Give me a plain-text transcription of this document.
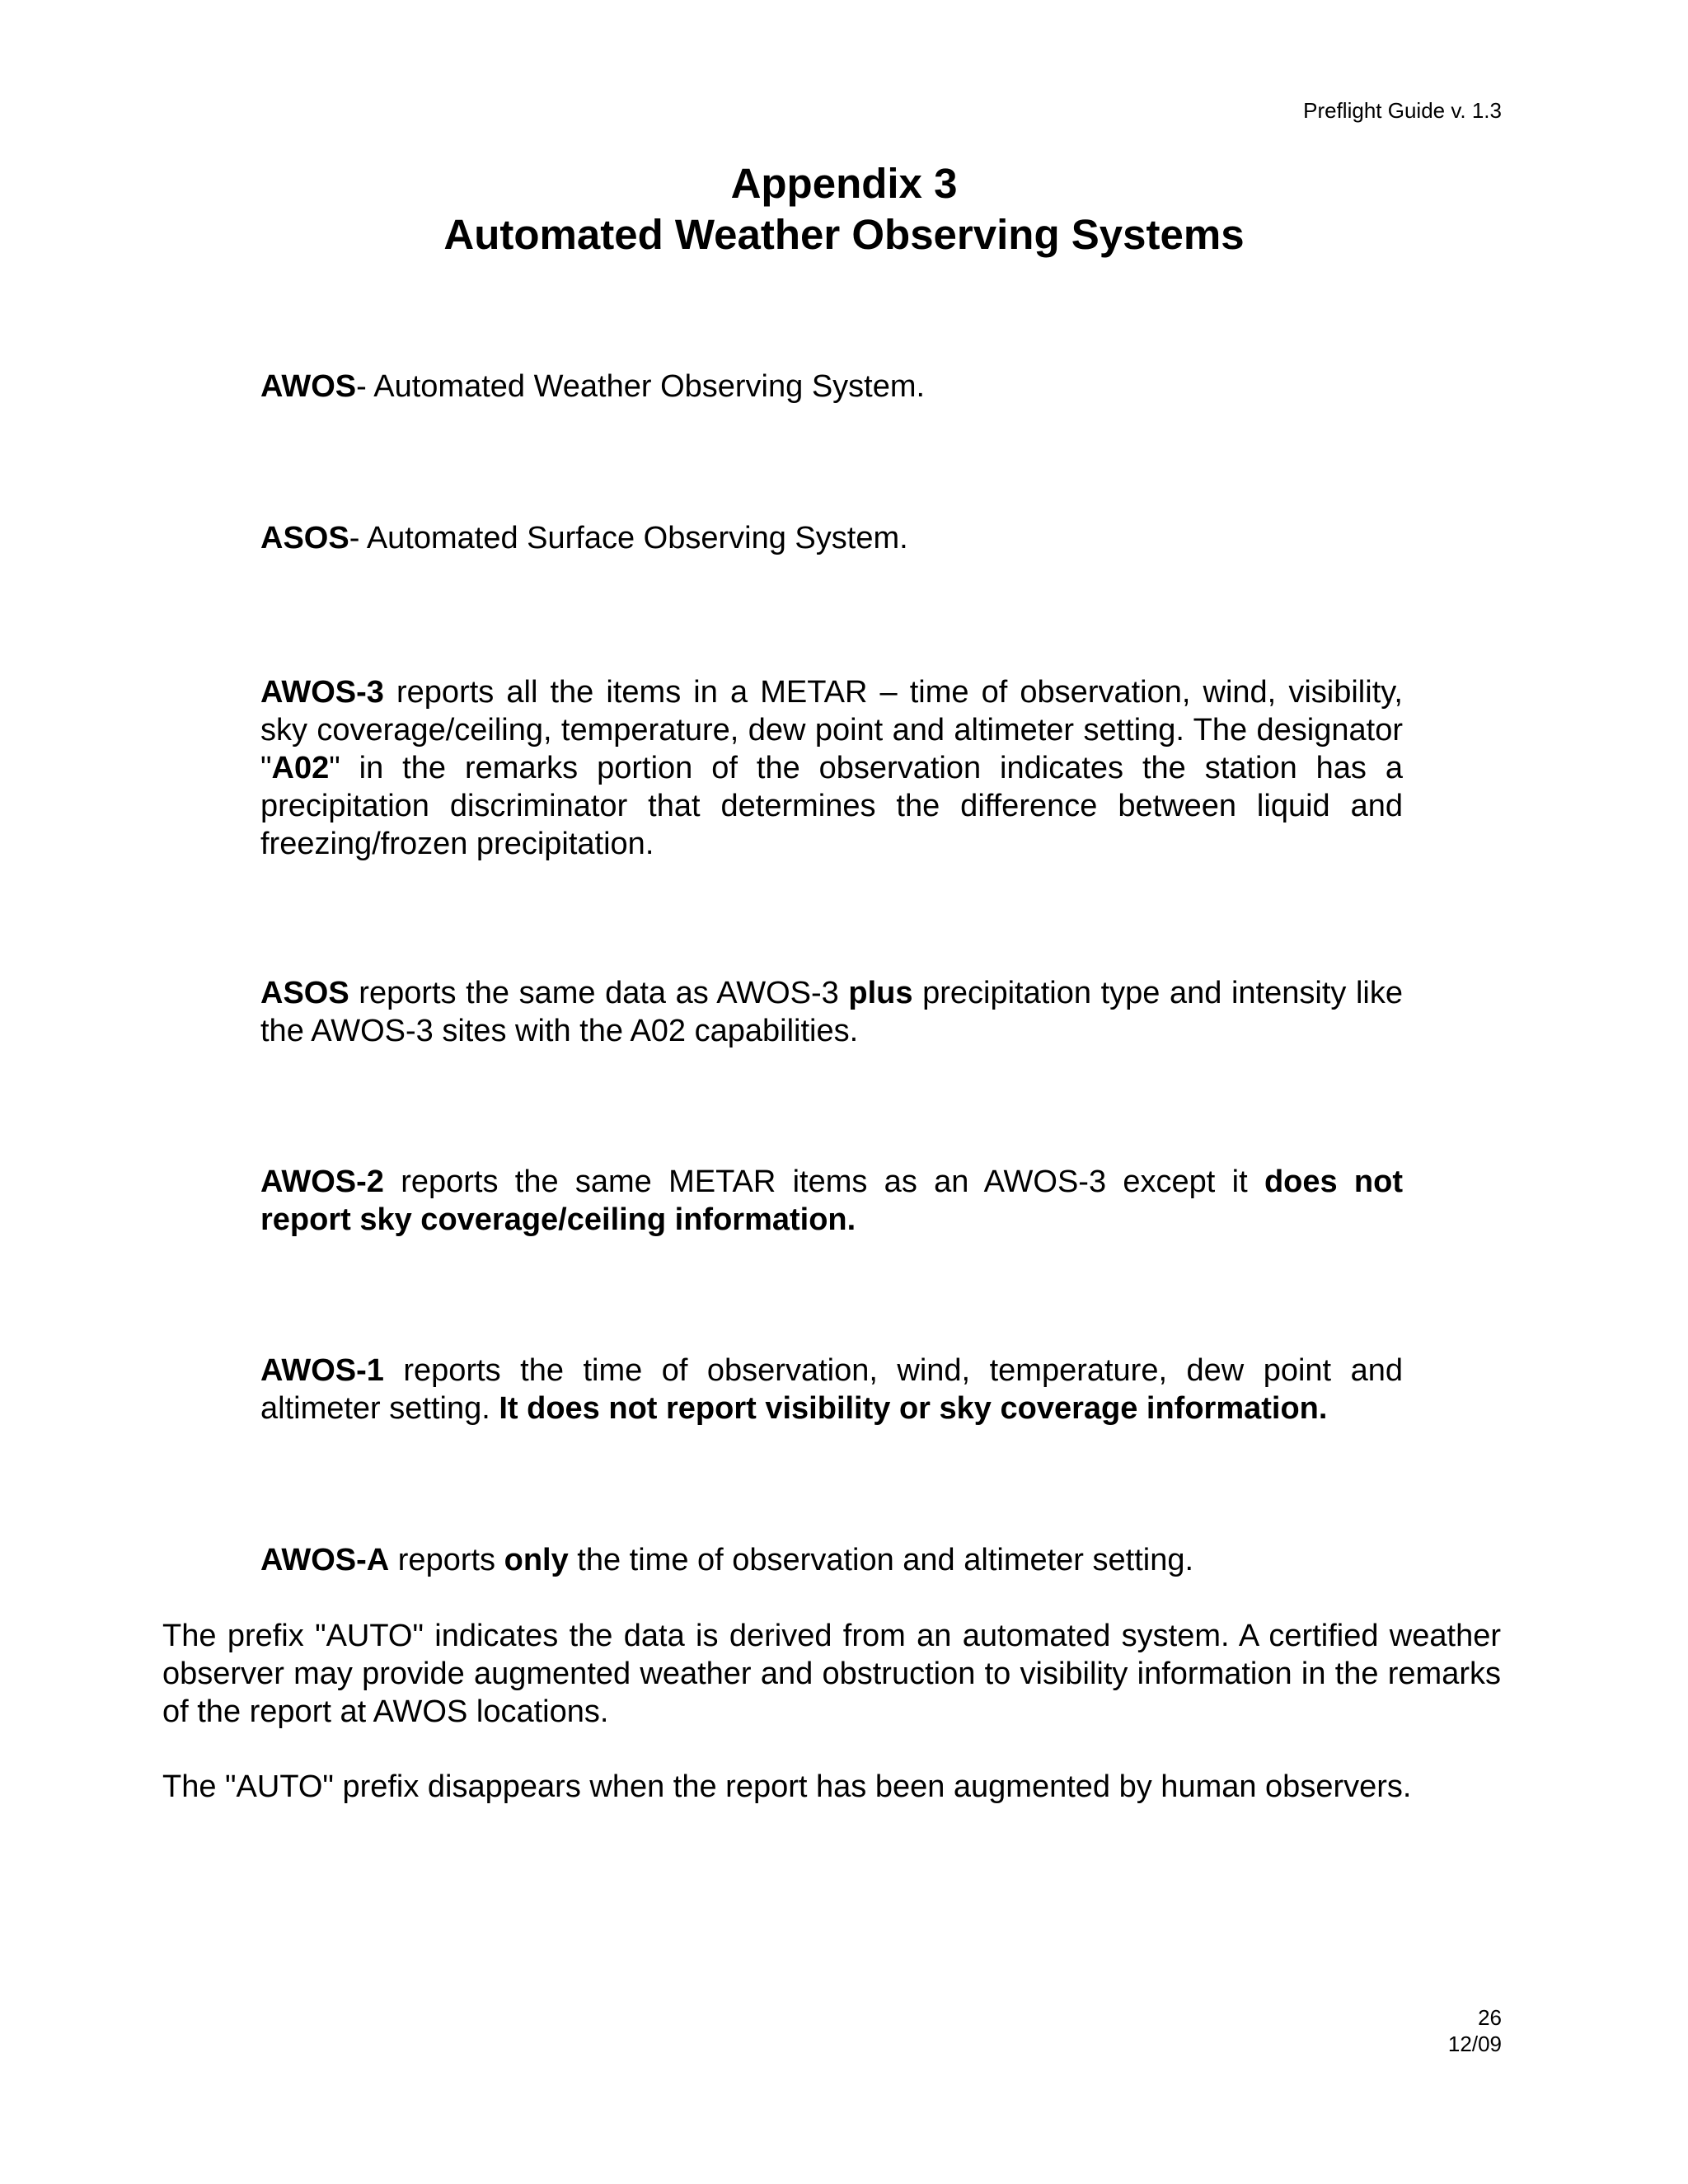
Preflight Guide v. 1.3
Appendix 3
Automated Weather Observing Systems

AWOS- Automated Weather Observing System.

ASOS- Automated Surface Observing System.

AWOS-3 reports all the items in a METAR – time of observation, wind, visibility, sky coverage/ceiling, temperature, dew point and altimeter setting. The designator "A02" in the remarks portion of the observation indicates the station has a precipitation discriminator that determines the difference between liquid and freezing/frozen precipitation.

ASOS reports the same data as AWOS-3 plus precipitation type and intensity like the AWOS-3 sites with the A02 capabilities.

AWOS-2 reports the same METAR items as an AWOS-3 except it does not report sky coverage/ceiling information.

AWOS-1 reports the time of observation, wind, temperature, dew point and altimeter setting. It does not report visibility or sky coverage information.

AWOS-A reports only the time of observation and altimeter setting.

The prefix "AUTO" indicates the data is derived from an automated system. A certified weather observer may provide augmented weather and obstruction to visibility information in the remarks of the report at AWOS locations.

The "AUTO" prefix disappears when the report has been augmented by human observers.

26
12/09
